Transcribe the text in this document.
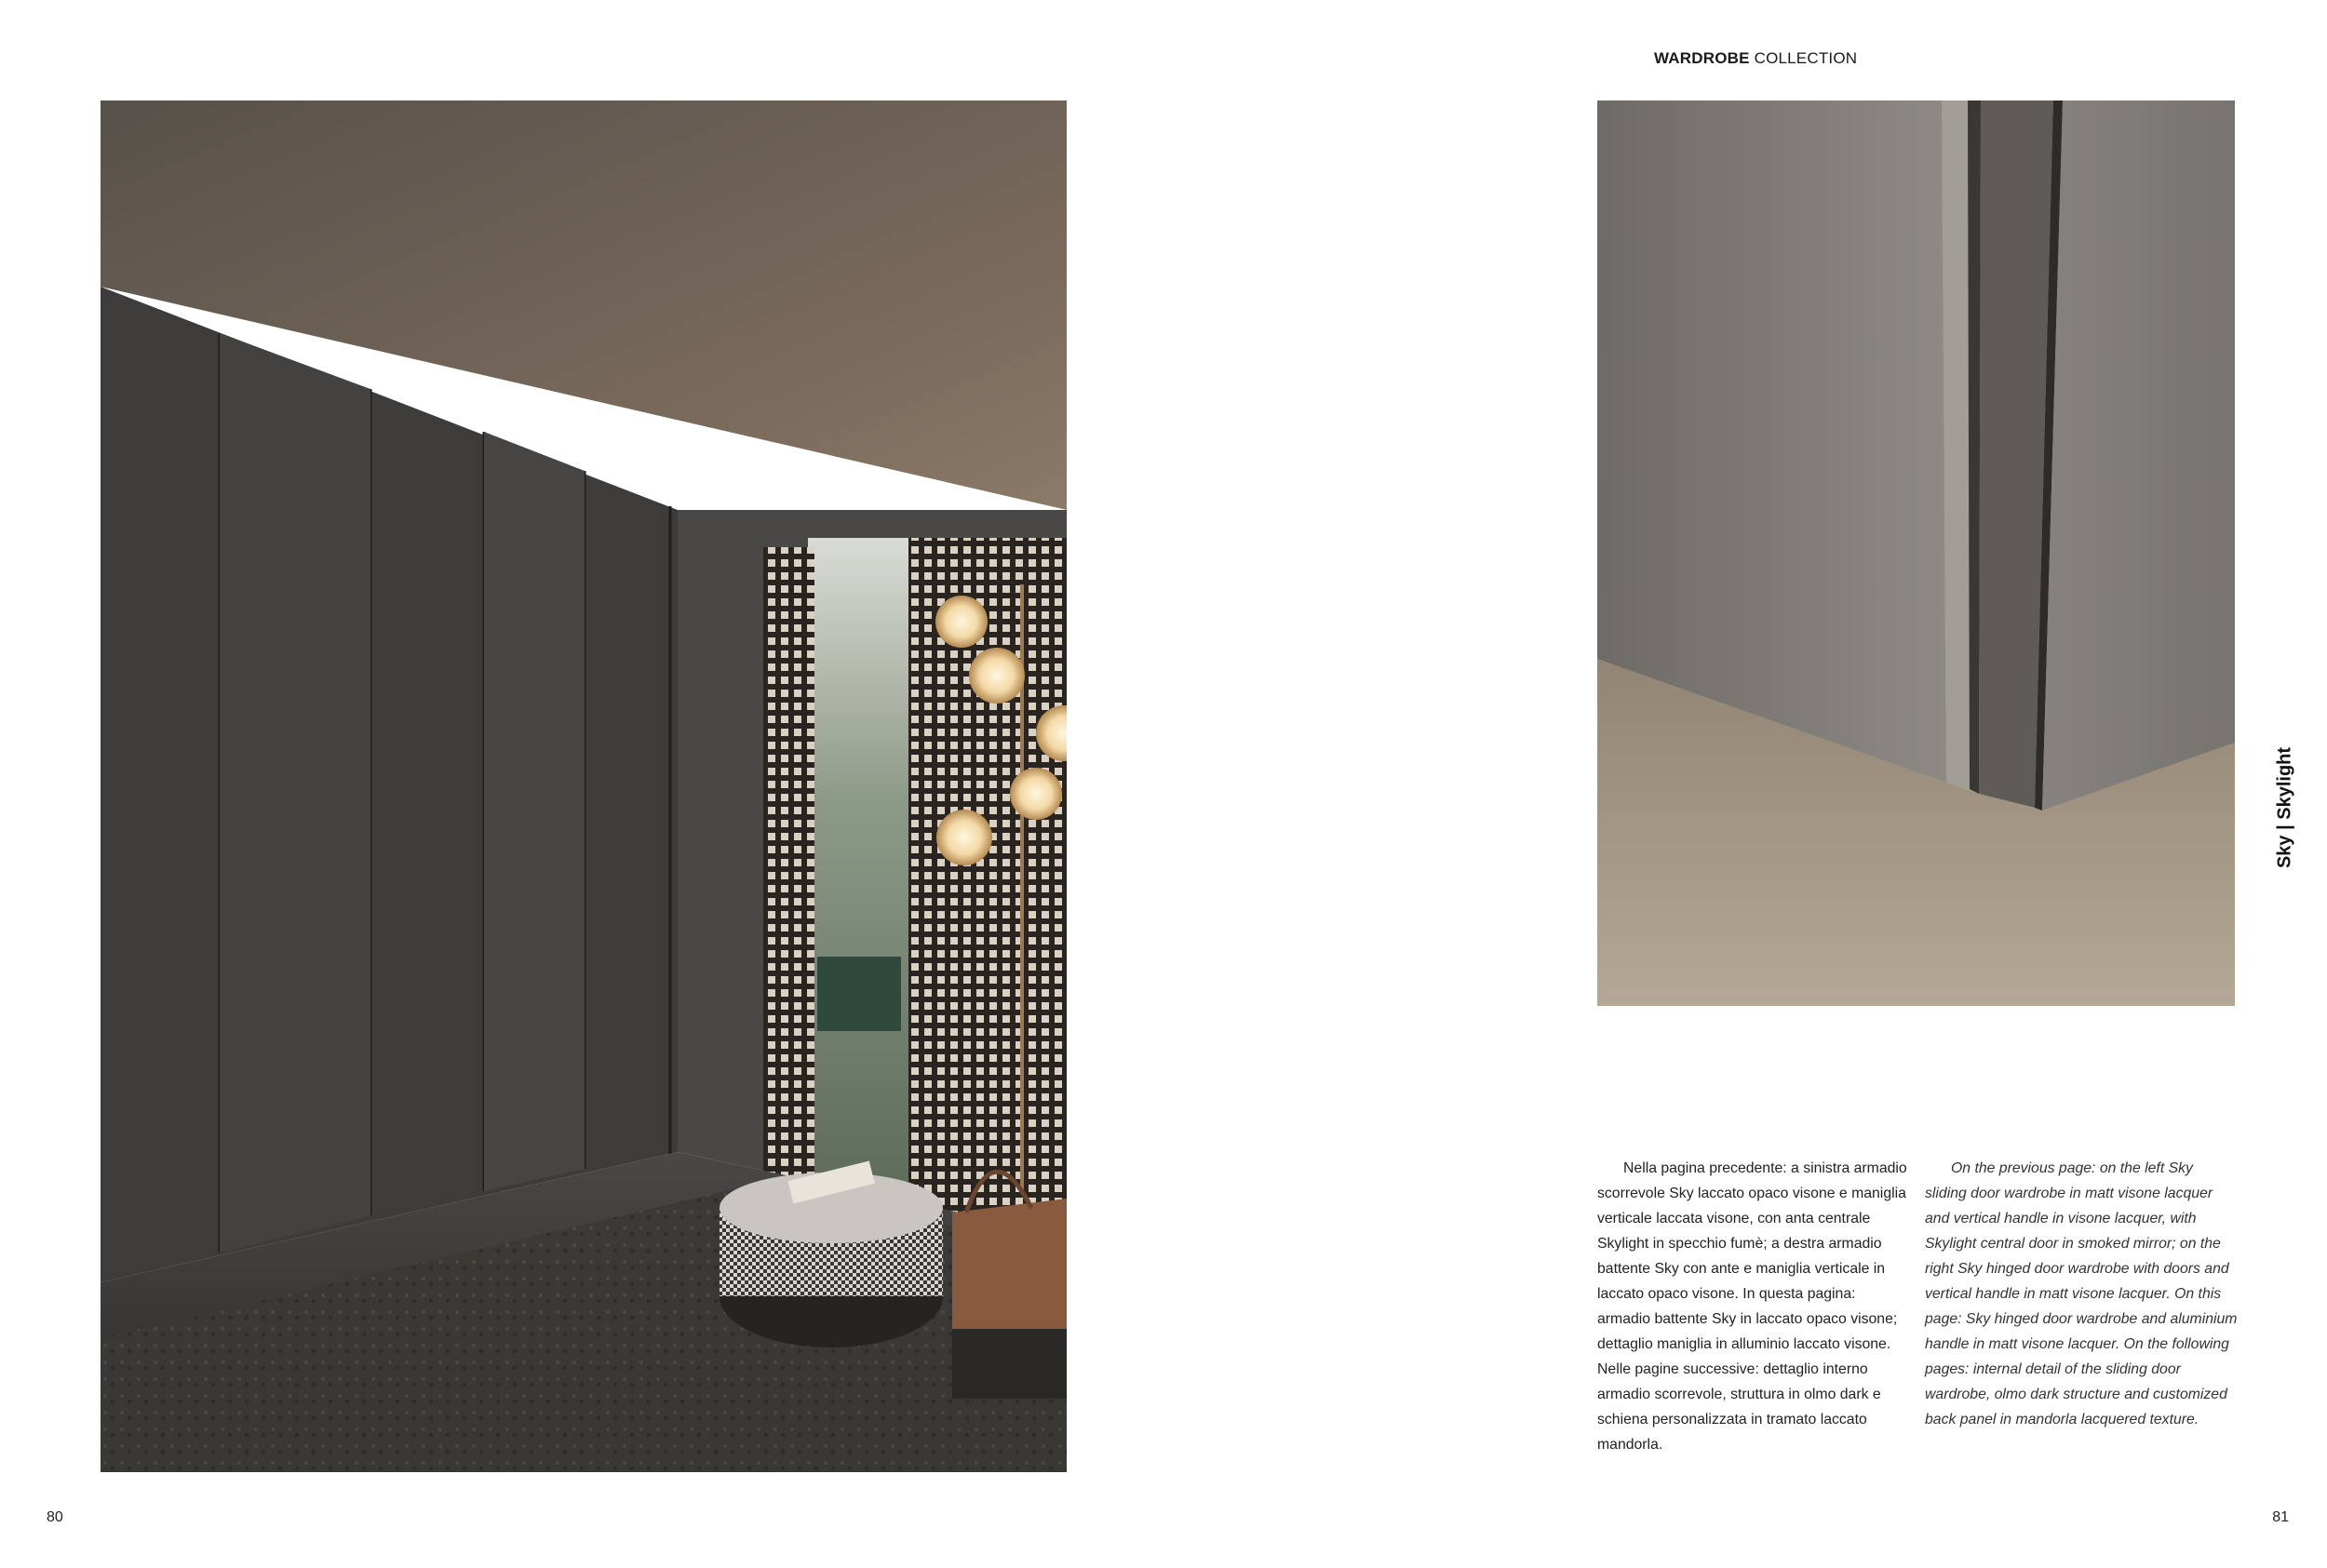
WARDROBE COLLECTION
Sky | Skylight

Nella pagina precedente: a sinistra armadio scorrevole Sky laccato opaco visone e maniglia verticale laccata visone, con anta centrale Skylight in specchio fumè; a destra armadio battente Sky con ante e maniglia verticale in laccato opaco visone. In questa pagina: armadio battente Sky in laccato opaco visone; dettaglio maniglia in alluminio laccato visone.

Nelle pagine successive: dettaglio interno armadio scorrevole, struttura in olmo dark e schiena personalizzata in tramato laccato mandorla.

On the previous page: on the left Sky sliding door wardrobe in matt visone lacquer and vertical handle in visone lacquer, with Skylight central door in smoked mirror; on the right Sky hinged door wardrobe with doors and vertical handle in matt visone lacquer. On this page: Sky hinged door wardrobe and aluminium handle in matt visone lacquer. On the following pages: internal detail of the sliding door wardrobe, olmo dark structure and customized back panel in mandorla lacquered texture.

80	81
